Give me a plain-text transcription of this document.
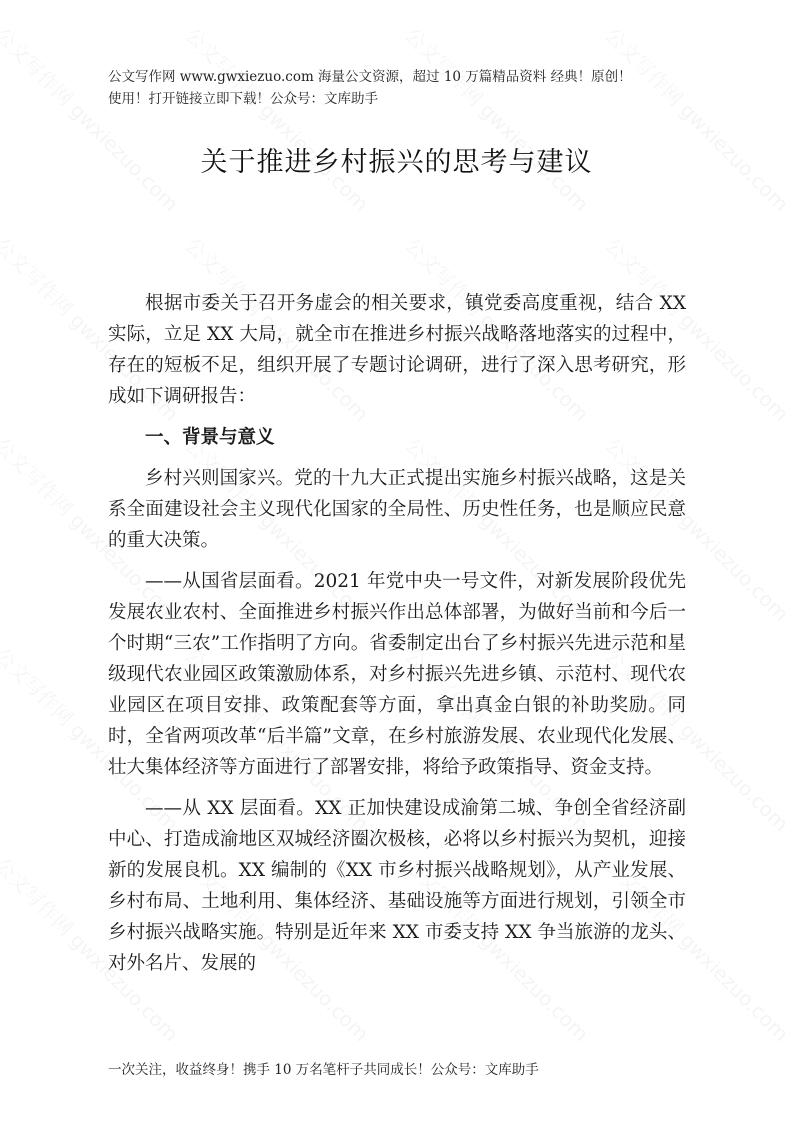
公文写作网 www.gwxiezuo.com 海量公文资源，超过 10 万篇精品资料 经典！原创！
使用！打开链接立即下载！公众号：文库助手
关于推进乡村振兴的思考与建议

根据市委关于召开务虚会的相关要求，镇党委高度重视，结合 XX 实际，立足 XX 大局，就全市在推进乡村振兴战略落地落实的过程中，存在的短板不足，组织开展了专题讨论调研，进行了深入思考研究，形成如下调研报告：

一、背景与意义

乡村兴则国家兴。党的十九大正式提出实施乡村振兴战略，这是关系全面建设社会主义现代化国家的全局性、历史性任务，也是顺应民意的重大决策。

——从国省层面看。2021 年党中央一号文件，对新发展阶段优先发展农业农村、全面推进乡村振兴作出总体部署，为做好当前和今后一个时期“三农”工作指明了方向。省委制定出台了乡村振兴先进示范和星级现代农业园区政策激励体系，对乡村振兴先进乡镇、示范村、现代农业园区在项目安排、政策配套等方面，拿出真金白银的补助奖励。同时，全省两项改革“后半篇”文章，在乡村旅游发展、农业现代化发展、壮大集体经济等方面进行了部署安排，将给予政策指导、资金支持。

——从 XX 层面看。XX 正加快建设成渝第二城、争创全省经济副中心、打造成渝地区双城经济圈次极核，必将以乡村振兴为契机，迎接新的发展良机。XX 编制的《XX 市乡村振兴战略规划》，从产业发展、乡村布局、土地利用、集体经济、基础设施等方面进行规划，引领全市乡村振兴战略实施。特别是近年来 XX 市委支持 XX 争当旅游的龙头、对外名片、发展的

一次关注，收益终身！携手 10 万名笔杆子共同成长！公众号：文库助手
